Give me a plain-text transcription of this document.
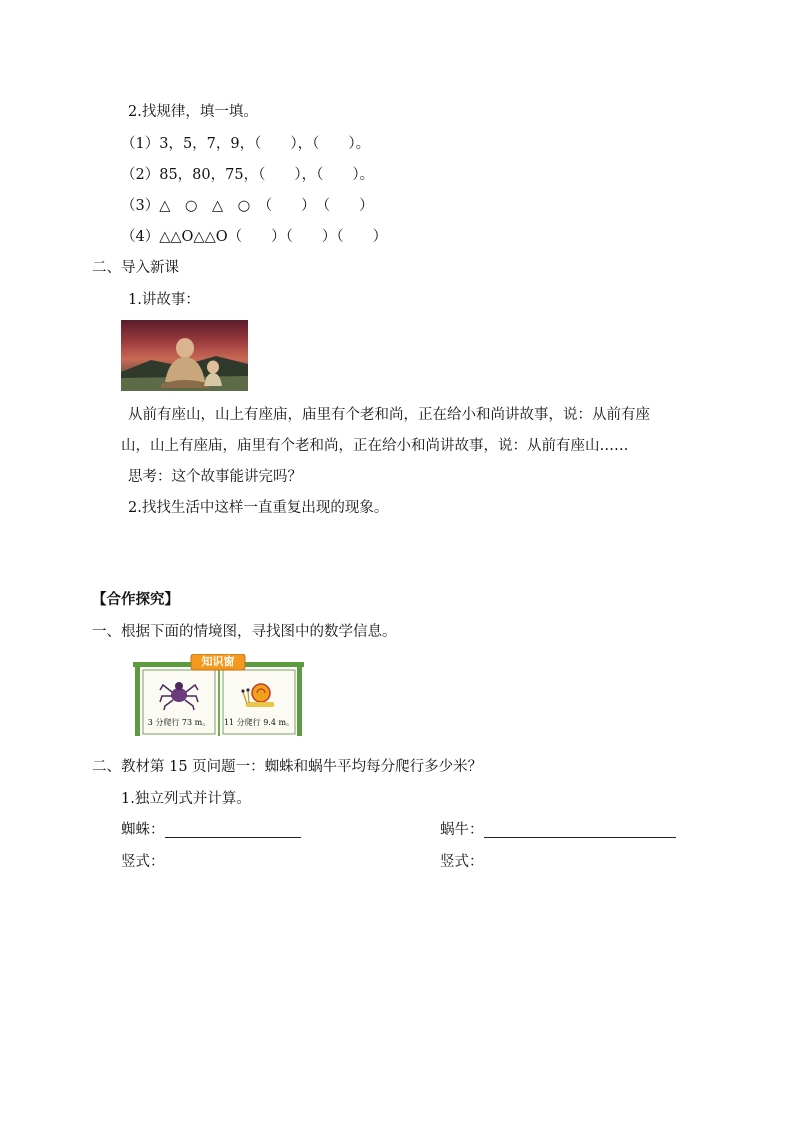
2.找规律，填一填。
（1）3，5，7，9，（　　），（　　）。
（2）85，80，75，（　　），（　　）。
（3）△　○　△　○　（　　）　（　　）
（4）△△O△△O（　　）（　　）（　　）
二、导入新课
1.讲故事：
从前有座山，山上有座庙，庙里有个老和尚，正在给小和尚讲故事，说：从前有座
山，山上有座庙，庙里有个老和尚，正在给小和尚讲故事，说：从前有座山……
思考：这个故事能讲完吗？
2.找找生活中这样一直重复出现的现象。
【合作探究】
一、根据下面的情境图，寻找图中的数学信息。
知识窗
3 分爬行 73 m。	11 分爬行 9.4 m。
二、教材第 15 页问题一：蜘蛛和蜗牛平均每分爬行多少米？
1.独立列式并计算。
蜘蛛：	蜗牛：
竖式：	竖式：
